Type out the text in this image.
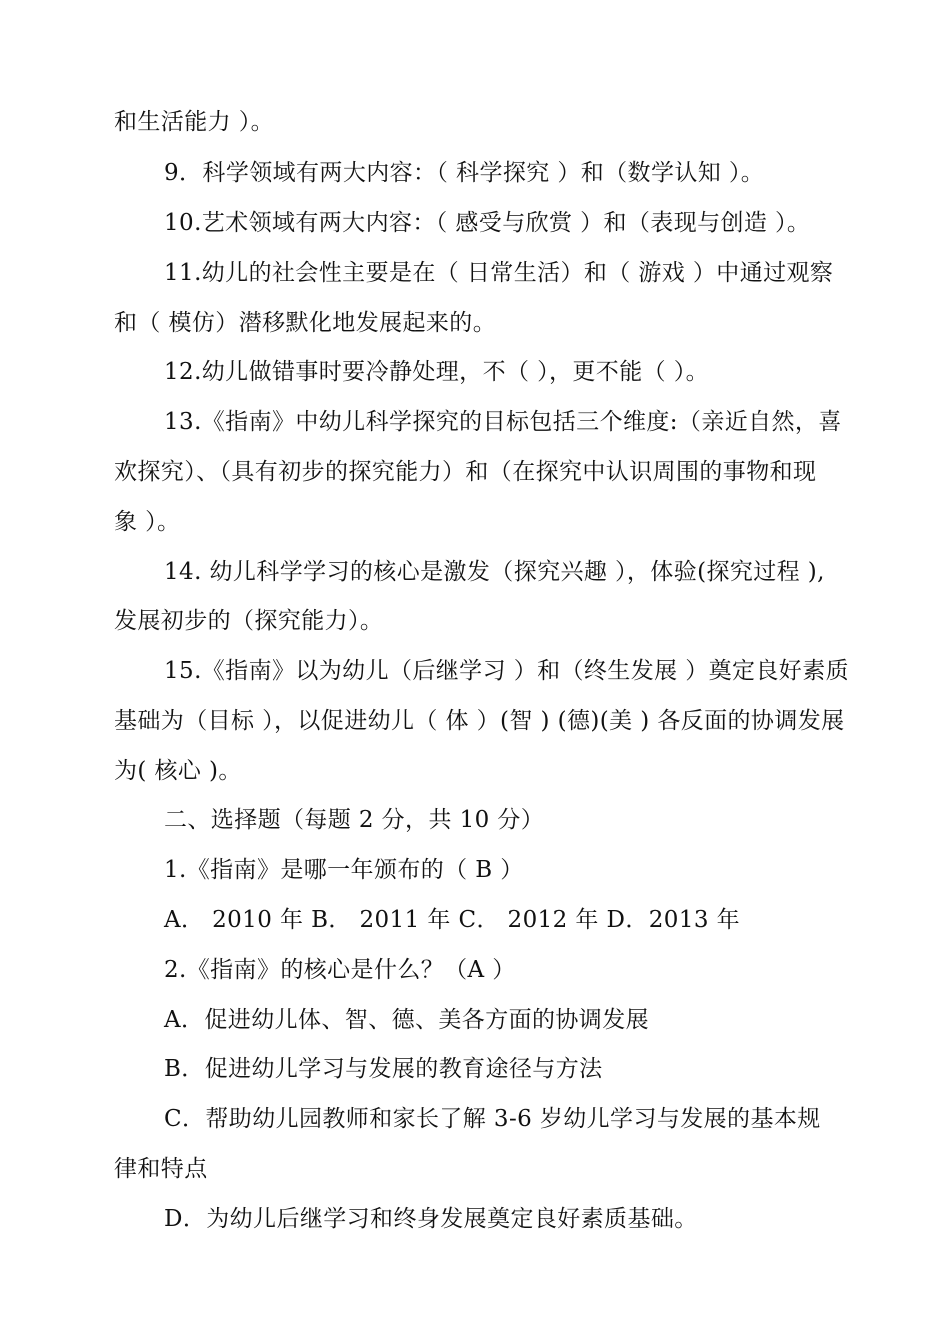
和生活能力 ）。
9．科学领域有两大内容：（ 科学探究 ）和（数学认知 ）。
10.艺术领域有两大内容：（ 感受与欣赏 ）和（表现与创造 ）。
11.幼儿的社会性主要是在（ 日常生活）和（ 游戏 ）中通过观察
和（ 模仿）潜移默化地发展起来的。
12.幼儿做错事时要冷静处理，不（ ），更不能（ ）。
13.《指南》中幼儿科学探究的目标包括三个维度:（亲近自然，喜
欢探究）、（具有初步的探究能力）和（在探究中认识周围的事物和现
象 ）。
14. 幼儿科学学习的核心是激发（探究兴趣 ），体验(探究过程 ),
发展初步的（探究能力）。
15.《指南》以为幼儿（后继学习 ）和（终生发展 ）奠定良好素质
基础为（目标 ），以促进幼儿（ 体 ）(智 ) (德)(美 ) 各反面的协调发展
为( 核心 )。
二、选择题（每题 2 分，共 10 分）
1.《指南》是哪一年颁布的（ B ）
A． 2010 年 B． 2011 年 C． 2012 年 D．2013 年
2.《指南》的核心是什么？（A ）
A．促进幼儿体、智、德、美各方面的协调发展
B．促进幼儿学习与发展的教育途径与方法
C．帮助幼儿园教师和家长了解 3-6 岁幼儿学习与发展的基本规
律和特点
D．为幼儿后继学习和终身发展奠定良好素质基础。
